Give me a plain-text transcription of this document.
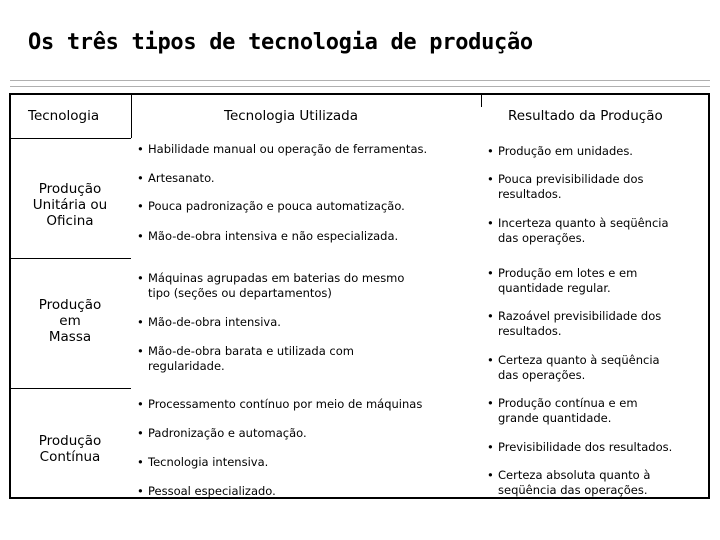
Os três tipos de tecnologia de produção
Tecnologia	Tecnologia Utilizada	Resultado da Produção
Produção
Unitária ou
Oficina
• Habilidade manual ou operação de ferramentas.
• Artesanato.
• Pouca padronização e pouca automatização.
• Mão-de-obra intensiva e não especializada.
• Produção em unidades.
• Pouca previsibilidade dos
resultados.
• Incerteza quanto à seqüência
das operações.
Produção
em
Massa
• Máquinas agrupadas em baterias do mesmo
tipo (seções ou departamentos)
• Mão-de-obra intensiva.
• Mão-de-obra barata e utilizada com
regularidade.
• Produção em lotes e em
quantidade regular.
• Razoável previsibilidade dos
resultados.
• Certeza quanto à seqüência
das operações.
Produção
Contínua
• Processamento contínuo por meio de máquinas
• Padronização e automação.
• Tecnologia intensiva.
• Pessoal especializado.
• Produção contínua e em
grande quantidade.
• Previsibilidade dos resultados.
• Certeza absoluta quanto à
seqüência das operações.
